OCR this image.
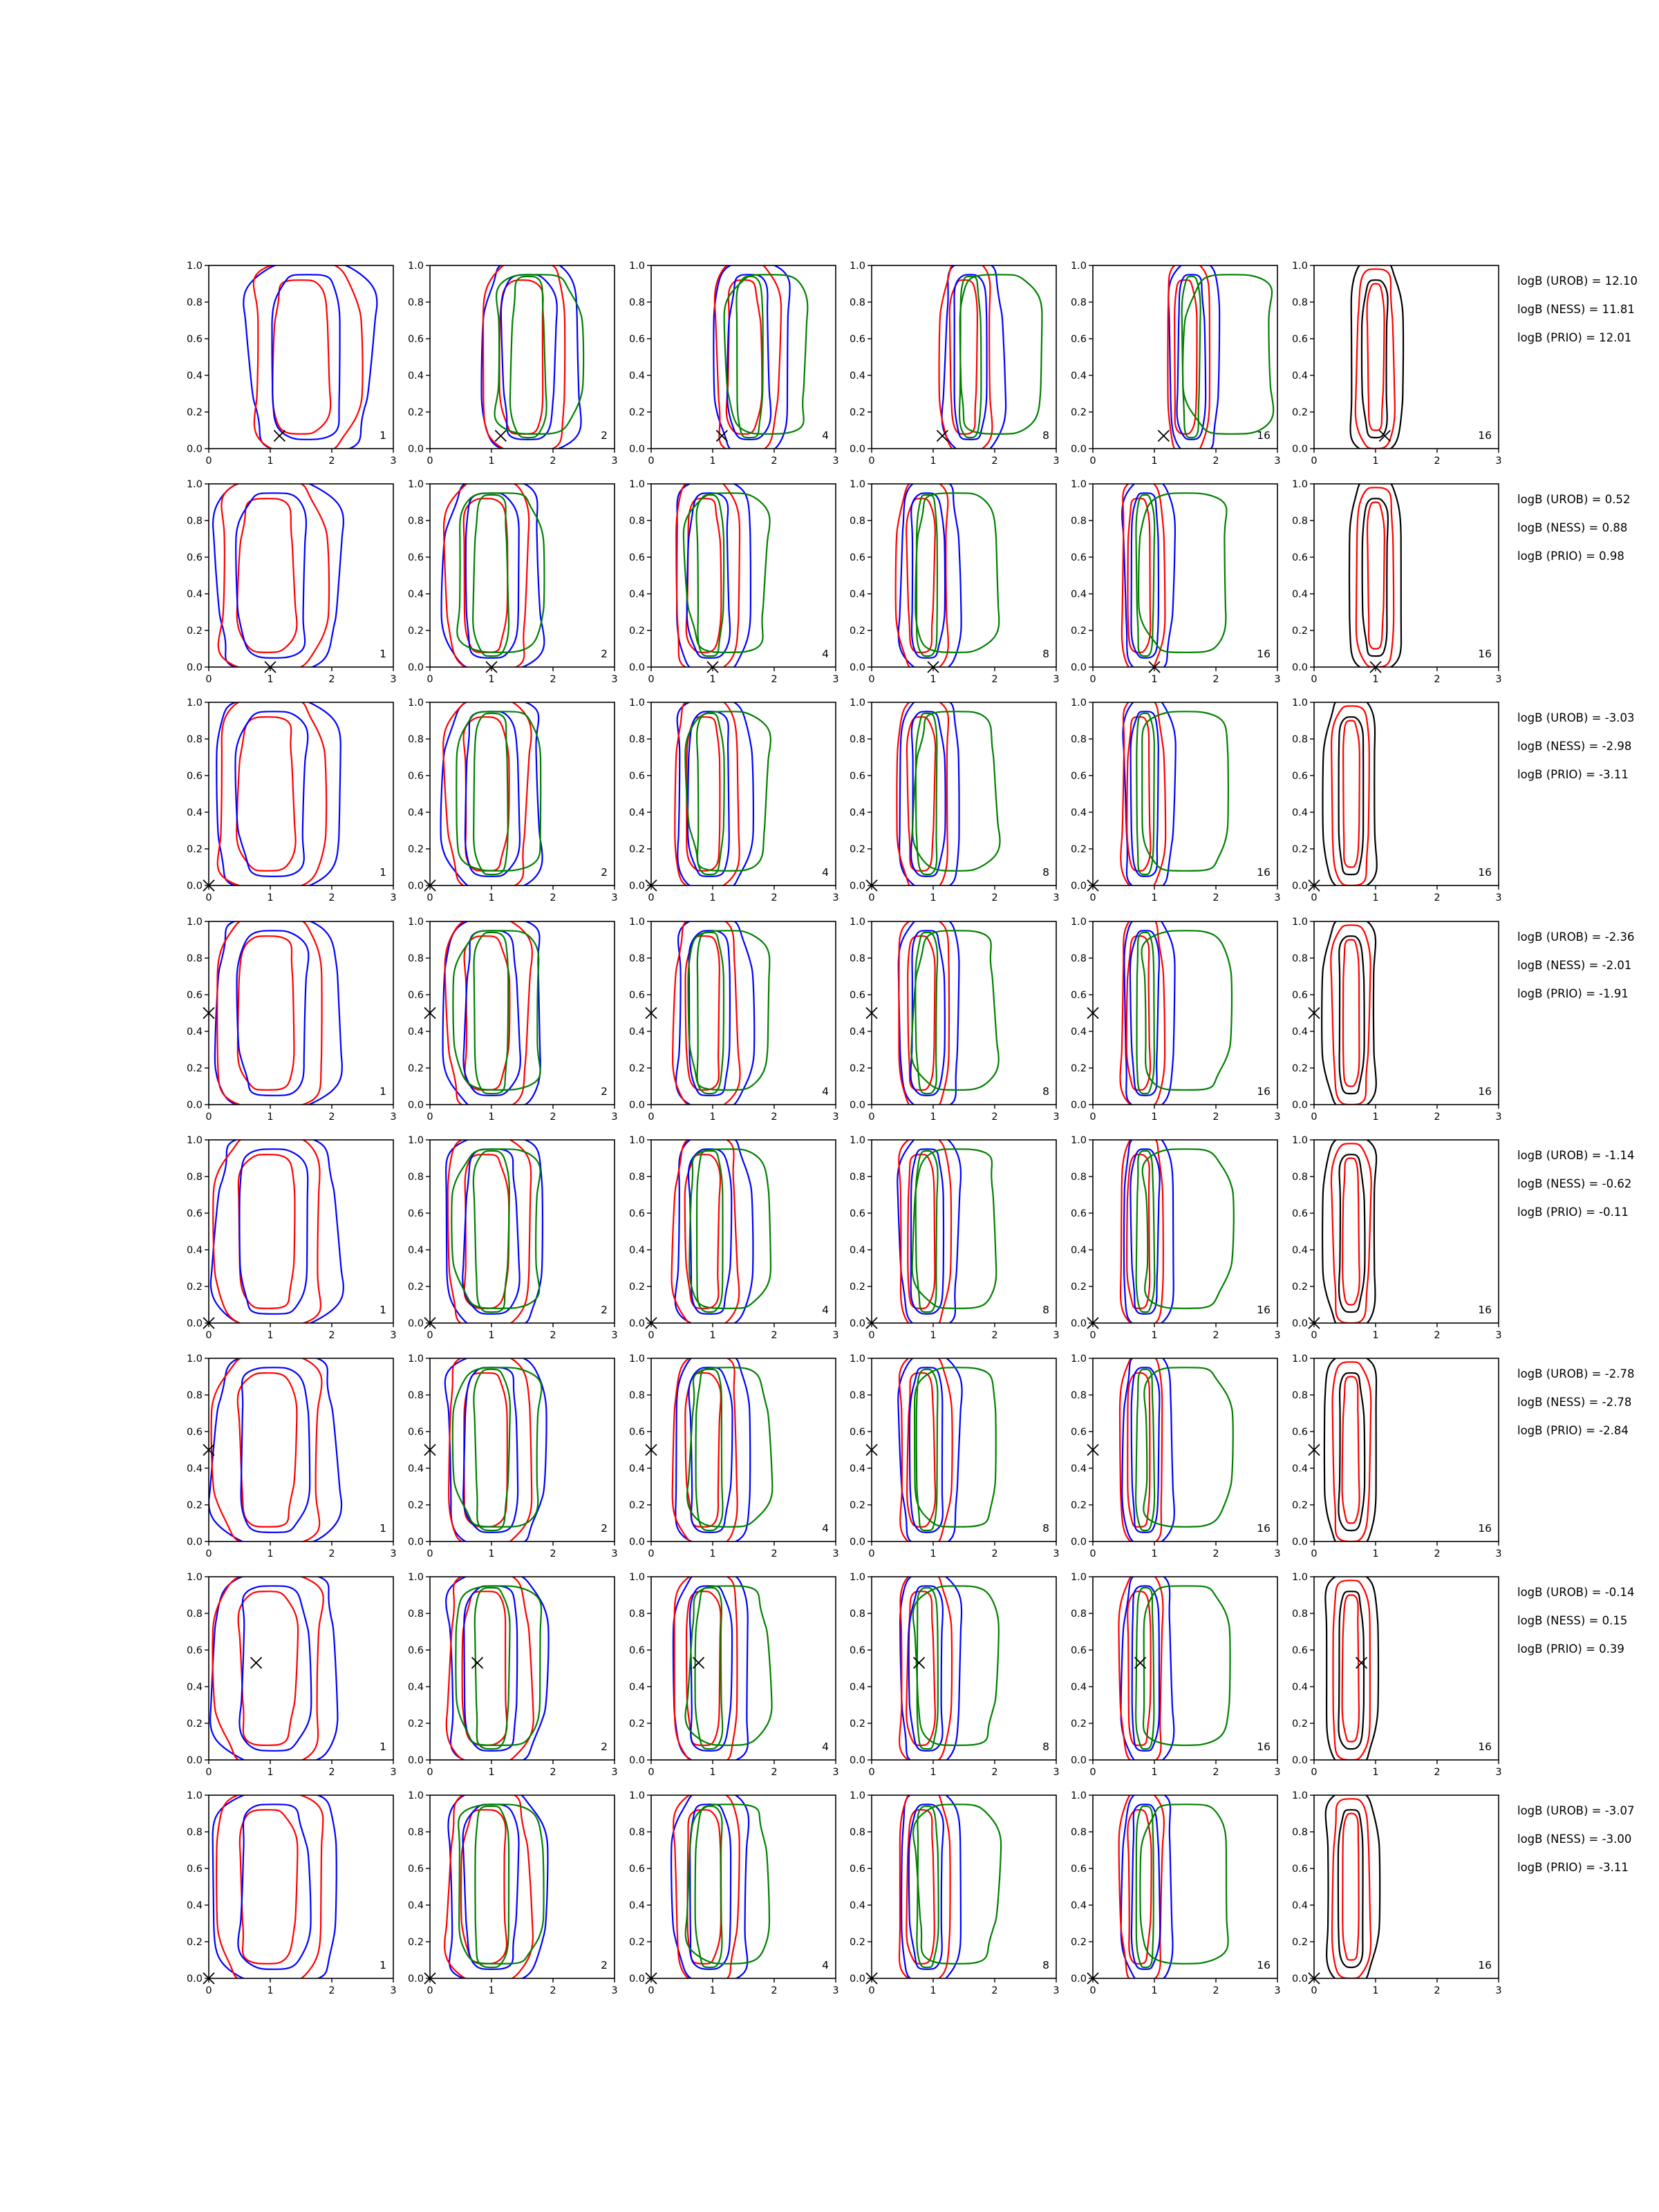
0.0
0.2
0.4
0.6
0.8
1.0
0	1	2	3
1
0.0
0.2
0.4
0.6
0.8
1.0
0	1	2	3
2
0.0
0.2
0.4
0.6
0.8
1.0
0	1	2	3
4
0.0
0.2
0.4
0.6
0.8
1.0
0	1	2	3
8
0.0
0.2
0.4
0.6
0.8
1.0
0	1	2	3
16
0.0
0.2
0.4
0.6
0.8
1.0
0	1	2	3
16
logB (UROB) = 12.10
logB (NESS) = 11.81
logB (PRIO) = 12.01
0.0
0.2
0.4
0.6
0.8
1.0
0	1	2	3
1
0.0
0.2
0.4
0.6
0.8
1.0
0	1	2	3
2
0.0
0.2
0.4
0.6
0.8
1.0
0	1	2	3
4
0.0
0.2
0.4
0.6
0.8
1.0
0	1	2	3
8
0.0
0.2
0.4
0.6
0.8
1.0
0	1	2	3
16
0.0
0.2
0.4
0.6
0.8
1.0
0	1	2	3
16
logB (UROB) = 0.52
logB (NESS) = 0.88
logB (PRIO) = 0.98
0.0
0.2
0.4
0.6
0.8
1.0
0	1	2	3
1
0.0
0.2
0.4
0.6
0.8
1.0
0	1	2	3
2
0.0
0.2
0.4
0.6
0.8
1.0
0	1	2	3
4
0.0
0.2
0.4
0.6
0.8
1.0
0	1	2	3
8
0.0
0.2
0.4
0.6
0.8
1.0
0	1	2	3
16
0.0
0.2
0.4
0.6
0.8
1.0
0	1	2	3
16
logB (UROB) = -3.03
logB (NESS) = -2.98
logB (PRIO) = -3.11
0.0
0.2
0.4
0.6
0.8
1.0
0	1	2	3
1
0.0
0.2
0.4
0.6
0.8
1.0
0	1	2	3
2
0.0
0.2
0.4
0.6
0.8
1.0
0	1	2	3
4
0.0
0.2
0.4
0.6
0.8
1.0
0	1	2	3
8
0.0
0.2
0.4
0.6
0.8
1.0
0	1	2	3
16
0.0
0.2
0.4
0.6
0.8
1.0
0	1	2	3
16
logB (UROB) = -2.36
logB (NESS) = -2.01
logB (PRIO) = -1.91
0.0
0.2
0.4
0.6
0.8
1.0
0	1	2	3
1
0.0
0.2
0.4
0.6
0.8
1.0
0	1	2	3
2
0.0
0.2
0.4
0.6
0.8
1.0
0	1	2	3
4
0.0
0.2
0.4
0.6
0.8
1.0
0	1	2	3
8
0.0
0.2
0.4
0.6
0.8
1.0
0	1	2	3
16
0.0
0.2
0.4
0.6
0.8
1.0
0	1	2	3
16
logB (UROB) = -1.14
logB (NESS) = -0.62
logB (PRIO) = -0.11
0.0
0.2
0.4
0.6
0.8
1.0
0	1	2	3
1
0.0
0.2
0.4
0.6
0.8
1.0
0	1	2	3
2
0.0
0.2
0.4
0.6
0.8
1.0
0	1	2	3
4
0.0
0.2
0.4
0.6
0.8
1.0
0	1	2	3
8
0.0
0.2
0.4
0.6
0.8
1.0
0	1	2	3
16
0.0
0.2
0.4
0.6
0.8
1.0
0	1	2	3
16
logB (UROB) = -2.78
logB (NESS) = -2.78
logB (PRIO) = -2.84
0.0
0.2
0.4
0.6
0.8
1.0
0	1	2	3
1
0.0
0.2
0.4
0.6
0.8
1.0
0	1	2	3
2
0.0
0.2
0.4
0.6
0.8
1.0
0	1	2	3
4
0.0
0.2
0.4
0.6
0.8
1.0
0	1	2	3
8
0.0
0.2
0.4
0.6
0.8
1.0
0	1	2	3
16
0.0
0.2
0.4
0.6
0.8
1.0
0	1	2	3
16
logB (UROB) = -0.14
logB (NESS) = 0.15
logB (PRIO) = 0.39
0.0
0.2
0.4
0.6
0.8
1.0
0	1	2	3
1
0.0
0.2
0.4
0.6
0.8
1.0
0	1	2	3
2
0.0
0.2
0.4
0.6
0.8
1.0
0	1	2	3
4
0.0
0.2
0.4
0.6
0.8
1.0
0	1	2	3
8
0.0
0.2
0.4
0.6
0.8
1.0
0	1	2	3
16
0.0
0.2
0.4
0.6
0.8
1.0
0	1	2	3
16
logB (UROB) = -3.07
logB (NESS) = -3.00
logB (PRIO) = -3.11
